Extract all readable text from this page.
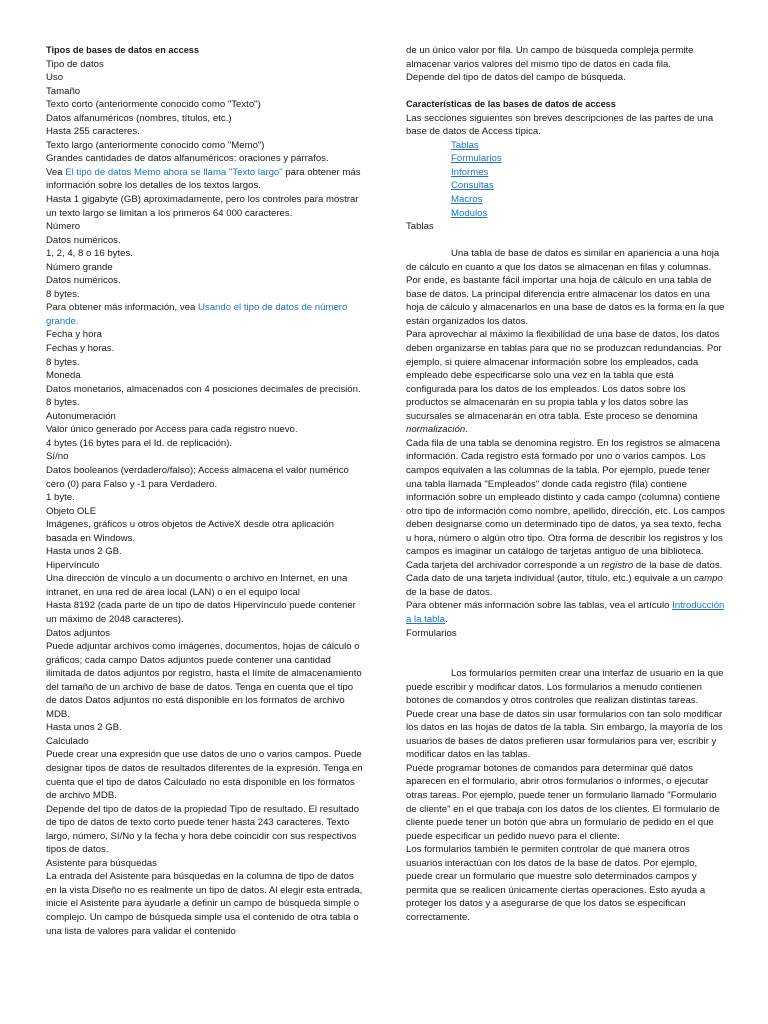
Tipos de bases de datos en access
Tipo de datos
Uso
Tamaño
Texto corto (anteriormente conocido como "Texto")
Datos alfanuméricos (nombres, títulos, etc.)
Hasta 255 caracteres.
Texto largo (anteriormente conocido como "Memo")
Grandes cantidades de datos alfanuméricos: oraciones y párrafos.
Vea El tipo de datos Memo ahora se llama "Texto largo" para obtener más información sobre los detalles de los textos largos.
Hasta 1 gigabyte (GB) aproximadamente, pero los controles para mostrar un texto largo se limitan a los primeros 64 000 caracteres.
Número
Datos numéricos.
1, 2, 4, 8 o 16 bytes.
Número grande
Datos numéricos.
8 bytes.
Para obtener más información, vea Usando el tipo de datos de número grande.
Fecha y hora
Fechas y horas.
8 bytes.
Moneda
Datos monetarios, almacenados con 4 posiciones decimales de precisión.
8 bytes.
Autonumeración
Valor único generado por Access para cada registro nuevo.
4 bytes (16 bytes para el Id. de replicación).
Sí/no
Datos booleanos (verdadero/falso); Access almacena el valor numérico cero (0) para Falso y -1 para Verdadero.
1 byte.
Objeto OLE
Imágenes, gráficos u otros objetos de ActiveX desde otra aplicación basada en Windows.
Hasta unos 2 GB.
Hipervínculo
Una dirección de vínculo a un documento o archivo en Internet, en una intranet, en una red de área local (LAN) o en el equipo local
Hasta 8192 (cada parte de un tipo de datos Hipervínculo puede contener un máximo de 2048 caracteres).
Datos adjuntos
Puede adjuntar archivos como imágenes, documentos, hojas de cálculo o gráficos; cada campo Datos adjuntos puede contener una cantidad ilimitada de datos adjuntos por registro, hasta el límite de almacenamiento del tamaño de un archivo de base de datos. Tenga en cuenta que el tipo de datos Datos adjuntos no está disponible en los formatos de archivo MDB.
Hasta unos 2 GB.
Calculado
Puede crear una expresión que use datos de uno o varios campos. Puede designar tipos de datos de resultados diferentes de la expresión. Tenga en cuenta que el tipo de datos Calculado no está disponible en los formatos de archivo MDB.
Depende del tipo de datos de la propiedad Tipo de resultado. El resultado de tipo de datos de texto corto puede tener hasta 243 caracteres. Texto largo, número, Sí/No y la fecha y hora debe coincidir con sus respectivos tipos de datos.
Asistente para búsquedas
La entrada del Asistente para búsquedas en la columna de tipo de datos en la vista Diseño no es realmente un tipo de datos. Al elegir esta entrada, inicie el Asistente para ayudarle a definir un campo de búsqueda simple o complejo. Un campo de búsqueda simple usa el contenido de otra tabla o una lista de valores para validar el contenido
de un único valor por fila. Un campo de búsqueda compleja permite almacenar varios valores del mismo tipo de datos en cada fila.
Depende del tipo de datos del campo de búsqueda.
Características de las bases de datos de access
Las secciones siguientes son breves descripciones de las partes de una base de datos de Access típica.
Tablas
Formularios
Informes
Consultas
Macros
Modulos
Tablas
Una tabla de base de datos es similar en apariencia a una hoja de cálculo en cuanto a que los datos se almacenan en filas y columnas. Por ende, es bastante fácil importar una hoja de cálculo en una tabla de base de datos. La principal diferencia entre almacenar los datos en una hoja de cálculo y almacenarlos en una base de datos es la forma en la que están organizados los datos.
Para aprovechar al máximo la flexibilidad de una base de datos, los datos deben organizarse en tablas para que no se produzcan redundancias. Por ejemplo, si quiere almacenar información sobre los empleados, cada empleado debe especificarse solo una vez en la tabla que está configurada para los datos de los empleados. Los datos sobre los productos se almacenarán en su propia tabla y los datos sobre las sucursales se almacenarán en otra tabla. Este proceso se denomina normalización.
Cada fila de una tabla se denomina registro. En los registros se almacena información. Cada registro está formado por uno o varios campos. Los campos equivalen a las columnas de la tabla. Por ejemplo, puede tener una tabla llamada "Empleados" donde cada registro (fila) contiene información sobre un empleado distinto y cada campo (columna) contiene otro tipo de información como nombre, apellido, dirección, etc. Los campos deben designarse como un determinado tipo de datos, ya sea texto, fecha u hora, número o algún otro tipo. Otra forma de describir los registros y los campos es imaginar un catálogo de tarjetas antiguo de una biblioteca. Cada tarjeta del archivador corresponde a un registro de la base de datos. Cada dato de una tarjeta individual (autor, título, etc.) equivale a un campo de la base de datos.
Para obtener más información sobre las tablas, vea el artículo Introducción a la tabla.
Formularios
Los formularios permiten crear una interfaz de usuario en la que puede escribir y modificar datos. Los formularios a menudo contienen botones de comandos y otros controles que realizan distintas tareas. Puede crear una base de datos sin usar formularios con tan solo modificar los datos en las hojas de datos de la tabla. Sin embargo, la mayoría de los usuarios de bases de datos prefieren usar formularios para ver, escribir y modificar datos en las tablas.
Puede programar botones de comandos para determinar qué datos aparecen en el formulario, abrir otros formularios o informes, o ejecutar otras tareas. Por ejemplo, puede tener un formulario llamado "Formulario de cliente" en el que trabaja con los datos de los clientes. El formulario de cliente puede tener un botón que abra un formulario de pedido en el que puede especificar un pedido nuevo para el cliente.
Los formularios también le permiten controlar de qué manera otros usuarios interactúan con los datos de la base de datos. Por ejemplo, puede crear un formulario que muestre solo determinados campos y permita que se realicen únicamente ciertas operaciones. Esto ayuda a proteger los datos y a asegurarse de que los datos se especifican correctamente.
